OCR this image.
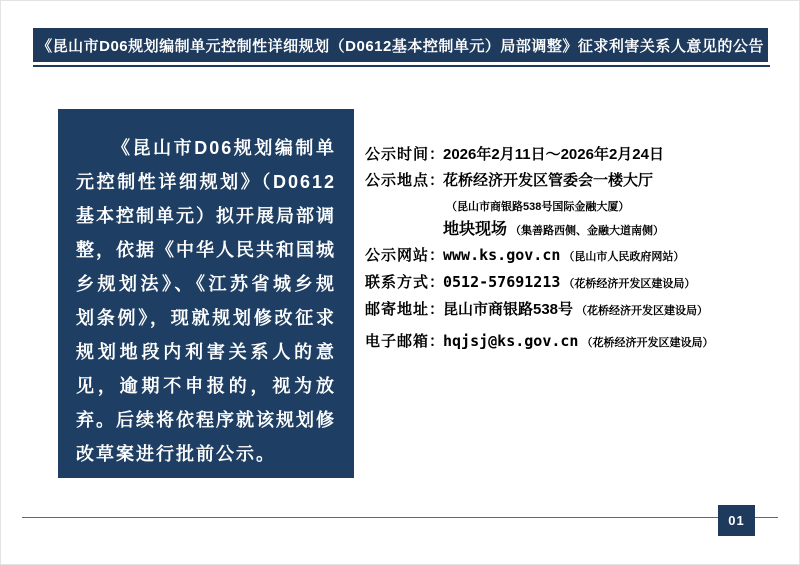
《昆山市D06规划编制单元控制性详细规划（D0612基本控制单元）局部调整》征求利害关系人意见的公告

《昆山市D06规划编制单元控制性详细规划》（D0612基本控制单元）拟开展局部调整，依据《中华人民共和国城乡规划法》、《江苏省城乡规划条例》，现就规划修改征求规划地段内利害关系人的意见，逾期不申报的，视为放弃。后续将依程序就该规划修改草案进行批前公示。

公示时间：2026年2月11日～2026年2月24日
公示地点：花桥经济开发区管委会一楼大厅
（昆山市商银路538号国际金融大厦）
地块现场 （集善路西侧、金融大道南侧）
公示网站：www.ks.gov.cn （昆山市人民政府网站）
联系方式：0512-57691213 （花桥经济开发区建设局）
邮寄地址：昆山市商银路538号 （花桥经济开发区建设局）
电子邮箱：hqjsj@ks.gov.cn （花桥经济开发区建设局）
01
